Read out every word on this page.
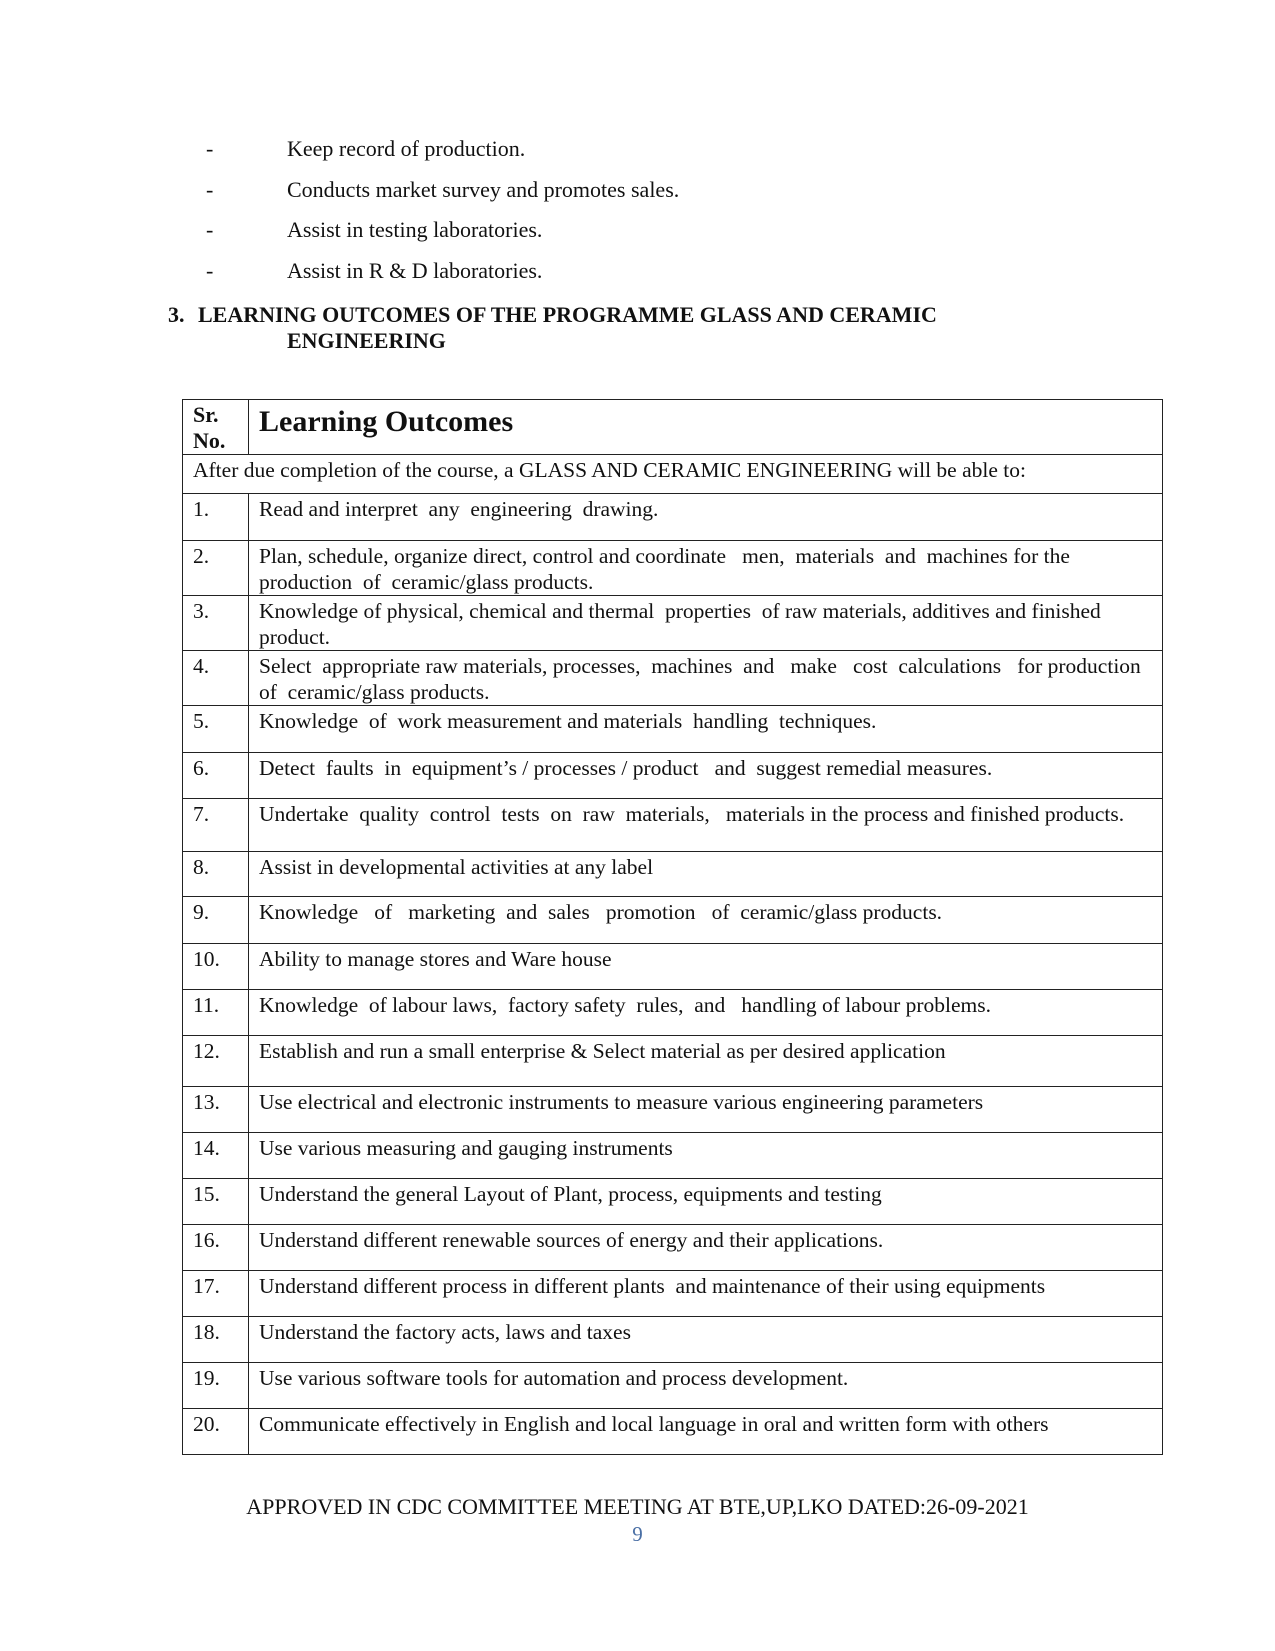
-	Keep record of production.
-	Conducts market survey and promotes sales.
-	Assist in testing laboratories.
-	Assist in R & D laboratories.
3. LEARNING OUTCOMES OF THE PROGRAMME GLASS AND CERAMIC
ENGINEERING
Sr.
No.	Learning Outcomes
After due completion of the course, a GLASS AND CERAMIC ENGINEERING will be able to:	
1.	Read and interpret  any  engineering  drawing.
2.	Plan, schedule, organize direct, control and coordinate   men,  materials  and  machines for the  production  of  ceramic/glass products.
3.	Knowledge of physical, chemical and thermal  properties  of raw materials, additives and finished product.
4.	Select  appropriate raw materials, processes,  machines  and   make   cost  calculations   for production   of  ceramic/glass products.
5.	Knowledge  of  work measurement and materials  handling  techniques.
6.	Detect  faults  in  equipment’s / processes / product   and  suggest remedial measures.
7.	Undertake  quality  control  tests  on  raw  materials,   materials in the process and finished products.
8.	Assist in developmental activities at any label
9.	Knowledge   of   marketing  and  sales   promotion   of  ceramic/glass products.
10.	Ability to manage stores and Ware house
11.	Knowledge  of labour laws,  factory safety  rules,  and   handling of labour problems.
12.	Establish and run a small enterprise & Select material as per desired application
13.	Use electrical and electronic instruments to measure various engineering parameters
14.	Use various measuring and gauging instruments
15.	Understand the general Layout of Plant, process, equipments and testing
16.	Understand different renewable sources of energy and their applications.
17.	Understand different process in different plants  and maintenance of their using equipments
18.	Understand the factory acts, laws and taxes
19.	Use various software tools for automation and process development.
20.	Communicate effectively in English and local language in oral and written form with others
APPROVED IN CDC COMMITTEE MEETING AT BTE,UP,LKO DATED:26-09-2021
9
